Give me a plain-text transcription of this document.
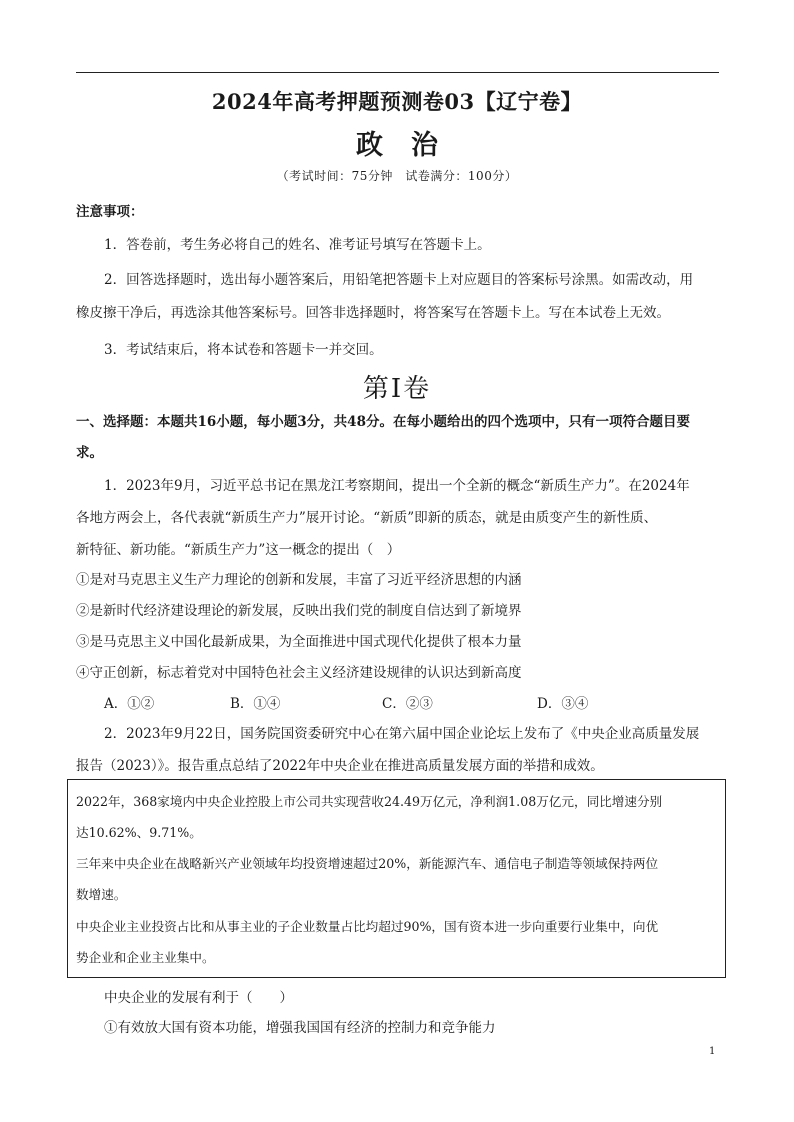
2024年高考押题预测卷03【辽宁卷】
政治
（考试时间：75分钟　试卷满分：100分）
注意事项：
1．答卷前，考生务必将自己的姓名、准考证号填写在答题卡上。
2．回答选择题时，选出每小题答案后，用铅笔把答题卡上对应题目的答案标号涂黑。如需改动，用
橡皮擦干净后，再选涂其他答案标号。回答非选择题时，将答案写在答题卡上。写在本试卷上无效。
3．考试结束后，将本试卷和答题卡一并交回。
第Ⅰ卷
一、选择题：本题共16小题，每小题3分，共48分。在每小题给出的四个选项中，只有一项符合题目要
求。
1．2023年9月，习近平总书记在黑龙江考察期间，提出一个全新的概念“新质生产力”。在2024年
各地方两会上，各代表就“新质生产力”展开讨论。“新质”即新的质态，就是由质变产生的新性质、
新特征、新功能。“新质生产力”这一概念的提出（　）
①是对马克思主义生产力理论的创新和发展，丰富了习近平经济思想的内涵
②是新时代经济建设理论的新发展，反映出我们党的制度自信达到了新境界
③是马克思主义中国化最新成果，为全面推进中国式现代化提供了根本力量
④守正创新，标志着党对中国特色社会主义经济建设规律的认识达到新高度
A．①②	B．①④	C．②③	D．③④
2．2023年9月22日，国务院国资委研究中心在第六届中国企业论坛上发布了《中央企业高质量发展
报告（2023）》。报告重点总结了2022年中央企业在推进高质量发展方面的举措和成效。
2022年，368家境内中央企业控股上市公司共实现营收24.49万亿元，净利润1.08万亿元，同比增速分别
达10.62%、9.71%。
三年来中央企业在战略新兴产业领域年均投资增速超过20%，新能源汽车、通信电子制造等领域保持两位
数增速。
中央企业主业投资占比和从事主业的子企业数量占比均超过90%，国有资本进一步向重要行业集中，向优
势企业和企业主业集中。
中央企业的发展有利于（　　）
①有效放大国有资本功能，增强我国国有经济的控制力和竞争能力
1
